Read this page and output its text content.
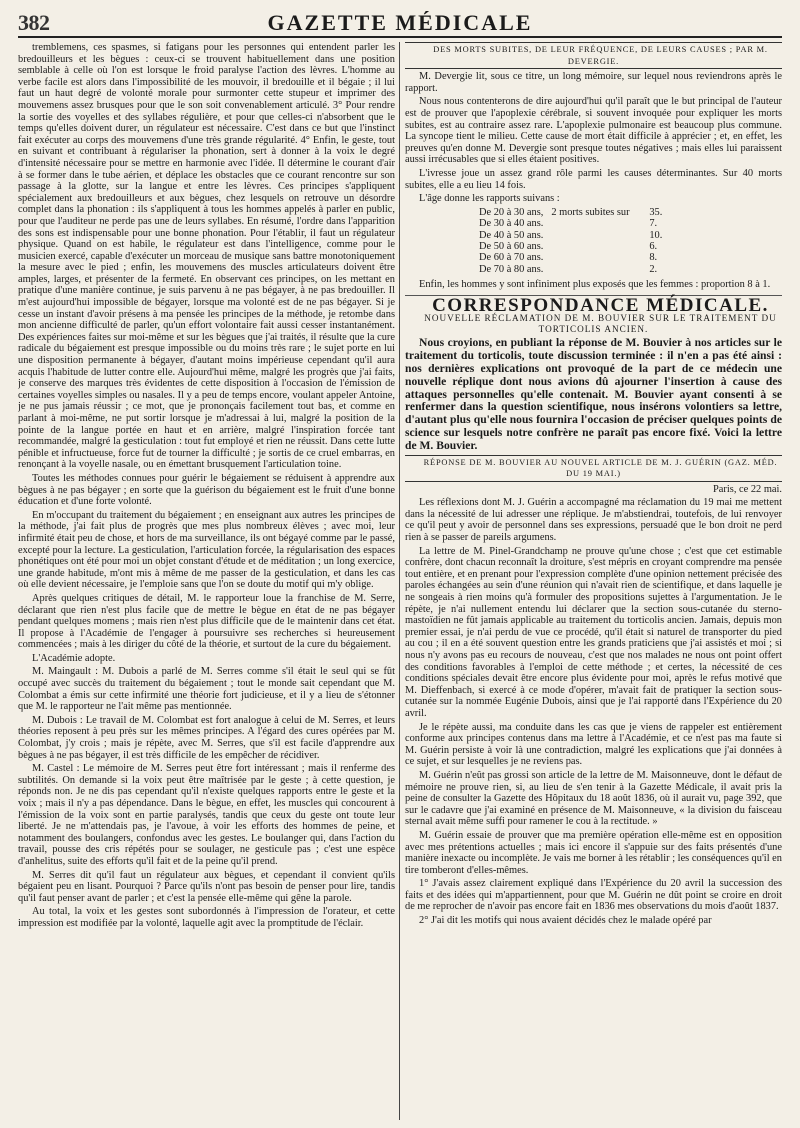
382	GAZETTE MÉDICALE

tremblemens, ces spasmes, si fatigans pour les personnes qui entendent parler les bredouilleurs et les bègues : ceux-ci se trouvent habituellement dans une position semblable à celle où l'on est lorsque le froid paralyse l'action des lèvres. L'homme au verbe facile est alors dans l'impossibilité de les mouvoir, il bredouille et il bégaie ; il lui faut un haut degré de volonté morale pour surmonter cette stupeur et imprimer des mouvemens assez brusques pour que le son soit convenablement articulé. 3° Pour rendre la sortie des voyelles et des syllabes régulière, et pour que celles-ci n'absorbent que le temps qu'elles doivent durer, un régulateur est nécessaire. C'est dans ce but que l'instinct fait exécuter au corps des mouvemens d'une très grande régularité. 4° Enfin, le geste, tout en suivant et contribuant à régulariser la phonation, sert à donner à la voix le degré d'intensité nécessaire pour se mettre en harmonie avec l'idée. Il détermine le courant d'air à se former dans le tube aérien, et déplace les obstacles que ce courant rencontre sur son passage à la glotte, sur la langue et entre les lèvres. Ces principes s'appliquent spécialement aux bredouilleurs et aux bègues, chez lesquels on retrouve un désordre complet dans la phonation : ils s'appliquent à tous les hommes appelés à parler en public, pour que l'auditeur ne perde pas une de leurs syllabes. En résumé, l'ordre dans l'apparition des sons est indispensable pour une bonne phonation. Pour l'établir, il faut un régulateur physique. Quand on est habile, le régulateur est dans l'intelligence, comme pour le musicien exercé, capable d'exécuter un morceau de musique sans battre monotoniquement la mesure avec le pied ; enfin, les mouvemens des muscles articulateurs doivent être amples, larges, et présenter de la fermeté. En observant ces principes, on les mettant en pratique d'une manière continue, je suis parvenu à ne pas bégayer, à ne pas bredouiller. Il m'est aujourd'hui impossible de bégayer, lorsque ma volonté est de ne pas bégayer. Si je cesse un instant d'avoir présens à ma pensée les principes de la méthode, je retombe dans mon ancienne difficulté de parler, qu'un effort volontaire fait aussi cesser instantanément. Des expériences faites sur moi-même et sur les bègues que j'ai traités, il résulte que la cure radicale du bégaiement est presque impossible ou du moins très rare ; le sujet porte en lui une disposition permanente à bégayer, d'autant moins impérieuse cependant qu'il aura acquis l'habitude de lutter contre elle. Aujourd'hui même, malgré les progrès que j'ai faits, je conserve des marques très évidentes de cette disposition à l'occasion de l'émission de certaines voyelles simples ou nasales. Il y a peu de temps encore, voulant appeler Antoine, je ne pus jamais réussir ; ce mot, que je prononçais facilement tout bas, et comme en parlant à moi-même, ne put sortir lorsque je m'adressai à lui, malgré la position de la pointe de la langue portée en haut et en arrière, malgré l'inspiration forcée tant recommandée, malgré la gesticulation : tout fut employé et rien ne réussit. Dans cette lutte pénible et infructueuse, force fut de tourner la difficulté ; je sortis de ce cruel embarras, en renonçant à la voyelle nasale, ou en émettant brusquement l'articulation toine.

Toutes les méthodes connues pour guérir le bégaiement se réduisent à apprendre aux bègues à ne pas bégayer ; en sorte que la guérison du bégaiement est le fruit d'une bonne éducation et d'une forte volonté.

En m'occupant du traitement du bégaiement ; en enseignant aux autres les principes de la méthode, j'ai fait plus de progrès que mes plus nombreux élèves ; avec moi, leur infirmité était peu de chose, et hors de ma surveillance, ils ont bégayé comme par le passé, excepté pour la lecture. La gesticulation, l'articulation forcée, la régularisation des espaces phonétiques ont été pour moi un objet constant d'étude et de méditation ; un long exercice, une grande habitude, m'ont mis à même de me passer de la gesticulation, et dans les cas où elle devient nécessaire, je l'emploie sans que l'on se doute du motif qui m'y oblige.

Après quelques critiques de détail, M. le rapporteur loue la franchise de M. Serre, déclarant que rien n'est plus facile que de mettre le bègue en état de ne pas bégayer pendant quelques momens ; mais rien n'est plus difficile que de le maintenir dans cet état. Il propose à l'Académie de l'engager à poursuivre ses recherches si heureusement commencées ; mais à les diriger du côté de la théorie, et surtout de la cure du bégaiement.

L'Académie adopte.

M. Maingault : M. Dubois a parlé de M. Serres comme s'il était le seul qui se fût occupé avec succès du traitement du bégaiement ; tout le monde sait cependant que M. Colombat a émis sur cette infirmité une théorie fort judicieuse, et il y a lieu de s'étonner que M. le rapporteur ne l'ait même pas mentionnée.

M. Dubois : Le travail de M. Colombat est fort analogue à celui de M. Serres, et leurs théories reposent à peu près sur les mêmes principes. A l'égard des cures opérées par M. Colombat, j'y crois ; mais je répète, avec M. Serres, que s'il est facile d'apprendre aux bègues à ne pas bégayer, il est très difficile de les empêcher de récidiver.

M. Castel : Le mémoire de M. Serres peut être fort intéressant ; mais il renferme des subtilités. On demande si la voix peut être maîtrisée par le geste ; à cette question, je réponds non. Je ne dis pas cependant qu'il n'existe quelques rapports entre le geste et la voix ; mais il n'y a pas dépendance. Dans le bègue, en effet, les muscles qui concourent à l'émission de la voix sont en partie paralysés, tandis que ceux du geste ont toute leur liberté. Je ne m'attendais pas, je l'avoue, à voir les efforts des hommes de peine, et notamment des boulangers, confondus avec les gestes. Le boulanger qui, dans l'action du travail, pousse des cris répétés pour se soulager, ne gesticule pas ; c'est une espèce d'anhelitus, suite des efforts qu'il fait et de la peine qu'il prend.

M. Serres dit qu'il faut un régulateur aux bègues, et cependant il convient qu'ils bégaient peu en lisant. Pourquoi ? Parce qu'ils n'ont pas besoin de penser pour lire, tandis qu'il faut penser avant de parler ; et c'est la pensée elle-même qui gêne la parole.

Au total, la voix et les gestes sont subordonnés à l'impression de l'orateur, et cette impression est modifiée par la volonté, laquelle agit avec la promptitude de l'éclair.

DES MORTS SUBITES, DE LEUR FRÉQUENCE, DE LEURS CAUSES ; PAR M. DEVERGIE.

M. Devergie lit, sous ce titre, un long mémoire, sur lequel nous reviendrons après le rapport.

Nous nous contenterons de dire aujourd'hui qu'il paraît que le but principal de l'auteur est de prouver que l'apoplexie cérébrale, si souvent invoquée pour expliquer les morts subites, est au contraire assez rare. L'apoplexie pulmonaire est beaucoup plus commune. La syncope tient le milieu. Cette cause de mort était difficile à apprécier ; et, en effet, les preuves qu'en donne M. Devergie sont presque toutes négatives ; mais elles lui paraissent aussi irrécusables que si elles étaient positives.

L'ivresse joue un assez grand rôle parmi les causes déterminantes. Sur 40 morts subites, elle a eu lieu 14 fois.

L'âge donne les rapports suivans :

De 20 à 30 ans,	2 morts subites sur	35.
De 30 à 40 ans.		7.
De 40 à 50 ans.		10.
De 50 à 60 ans.		6.
De 60 à 70 ans.		8.
De 70 à 80 ans.		2.

Enfin, les hommes y sont infiniment plus exposés que les femmes : proportion 8 à 1.

CORRESPONDANCE MÉDICALE.

NOUVELLE RÉCLAMATION DE M. BOUVIER SUR LE TRAITEMENT DU TORTICOLIS ANCIEN.

Nous croyions, en publiant la réponse de M. Bouvier à nos articles sur le traitement du torticolis, toute discussion terminée : il n'en a pas été ainsi : nos dernières explications ont provoqué de la part de ce médecin une nouvelle réplique dont nous avions dû ajourner l'insertion à cause des attaques personnelles qu'elle contenait. M. Bouvier ayant consenti à se renfermer dans la question scientifique, nous insérons volontiers sa lettre, d'autant plus qu'elle nous fournira l'occasion de préciser quelques points de science sur lesquels notre confrère ne paraît pas encore fixé. Voici la lettre de M. Bouvier.

RÉPONSE DE M. BOUVIER AU NOUVEL ARTICLE DE M. J. GUÉRIN (GAZ. MÉD. DU 19 MAI.)

Paris, ce 22 mai.

Les réflexions dont M. J. Guérin a accompagné ma réclamation du 19 mai me mettent dans la nécessité de lui adresser une réplique. Je m'abstiendrai, toutefois, de lui renvoyer ce qu'il peut y avoir de personnel dans ses expressions, persuadé que le bon droit ne perd rien à se passer de pareils argumens.

La lettre de M. Pinel-Grandchamp ne prouve qu'une chose ; c'est que cet estimable confrère, dont chacun reconnaît la droiture, s'est mépris en croyant comprendre ma pensée tout entière, et en prenant pour l'expression complète d'une opinion nettement précisée des paroles échangées au sein d'une réunion qui n'avait rien de scientifique, et dans laquelle je ne songeais à rien moins qu'à formuler des propositions sujettes à l'argumentation. Je le répète, je n'ai nullement entendu lui déclarer que la section sous-cutanée du sterno-mastoïdien ne fût jamais applicable au traitement du torticolis ancien. Jamais, depuis mon premier essai, je n'ai perdu de vue ce procédé, qu'il était si naturel de transporter du pied au cou ; il en a été souvent question entre les grands praticiens que j'ai assistés et moi ; si nous n'y avons pas eu recours de nouveau, c'est que nos malades ne nous ont point offert des conditions favorables à l'emploi de cette méthode ; et certes, la nécessité de ces conditions spéciales devait être encore plus évidente pour moi, après le refus motivé que M. Dieffenbach, si exercé à ce mode d'opérer, m'avait fait de pratiquer la section sous-cutanée sur la nommée Eugénie Dubois, ainsi que je l'ai rapporté dans l'Expérience du 20 avril.

Je le répète aussi, ma conduite dans les cas que je viens de rappeler est entièrement conforme aux principes contenus dans ma lettre à l'Académie, et ce n'est pas ma faute si M. Guérin persiste à voir là une contradiction, malgré les explications que j'ai données à ce sujet, et sur lesquelles je ne reviens pas.

M. Guérin n'eût pas grossi son article de la lettre de M. Maisonneuve, dont le défaut de mémoire ne prouve rien, si, au lieu de s'en tenir à la Gazette Médicale, il avait pris la peine de consulter la Gazette des Hôpitaux du 18 août 1836, où il aurait vu, page 392, que sur le cadavre que j'ai examiné en présence de M. Maisonneuve, « la division du faisceau sternal avait même suffi pour ramener le cou à la rectitude. »

M. Guérin essaie de prouver que ma première opération elle-même est en opposition avec mes prétentions actuelles ; mais ici encore il s'appuie sur des faits présentés d'une manière inexacte ou incomplète. Je vais me borner à les rétablir ; les conséquences qu'il en tire tomberont d'elles-mêmes.

1° J'avais assez clairement expliqué dans l'Expérience du 20 avril la succession des faits et des idées qui m'appartiennent, pour que M. Guérin ne dût point se croire en droit de me reprocher de n'avoir pas encore fait en 1836 mes observations du mois d'août 1837.

2° J'ai dit les motifs qui nous avaient décidés chez le malade opéré par
